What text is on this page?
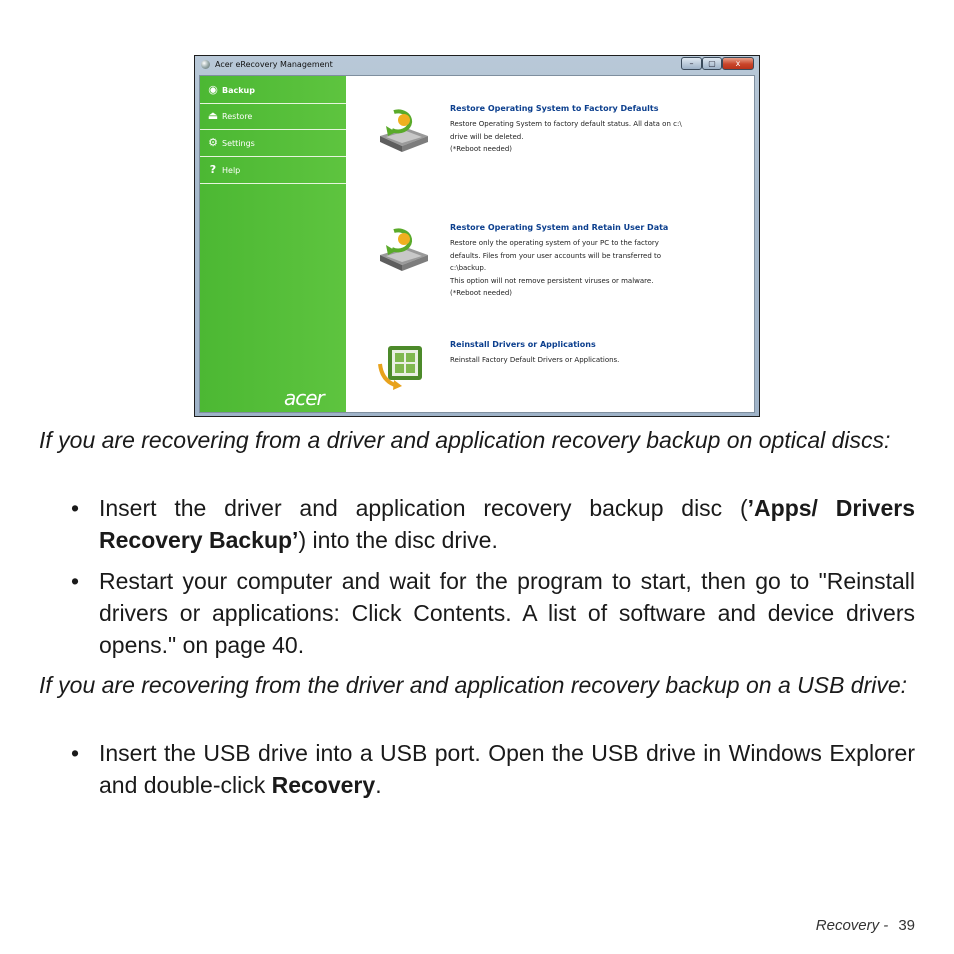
Acer eRecovery Management	–	▢	x
◉ Backup
⏏ Restore
⚙ Settings
? Help
acer
Restore Operating System to Factory Defaults
Restore Operating System to factory default status. All data on c:\
drive will be deleted.
(*Reboot needed)
Restore Operating System and Retain User Data
Restore only the operating system of your PC to the factory
defaults. Files from your user accounts will be transferred to
c:\backup.
This option will not remove persistent viruses or malware.
(*Reboot needed)
Reinstall Drivers or Applications
Reinstall Factory Default Drivers or Applications.

If you are recovering from a driver and application recovery backup on optical discs:

• Insert the driver and application recovery backup disc (’Apps/ Drivers Recovery Backup’) into the disc drive.

• Restart your computer and wait for the program to start, then go to "Reinstall drivers or applications: Click Contents. A list of software and device drivers opens." on page 40.

If you are recovering from the driver and application recovery backup on a USB drive:

• Insert the USB drive into a USB port. Open the USB drive in Windows Explorer and double-click Recovery.

Recovery - 39
